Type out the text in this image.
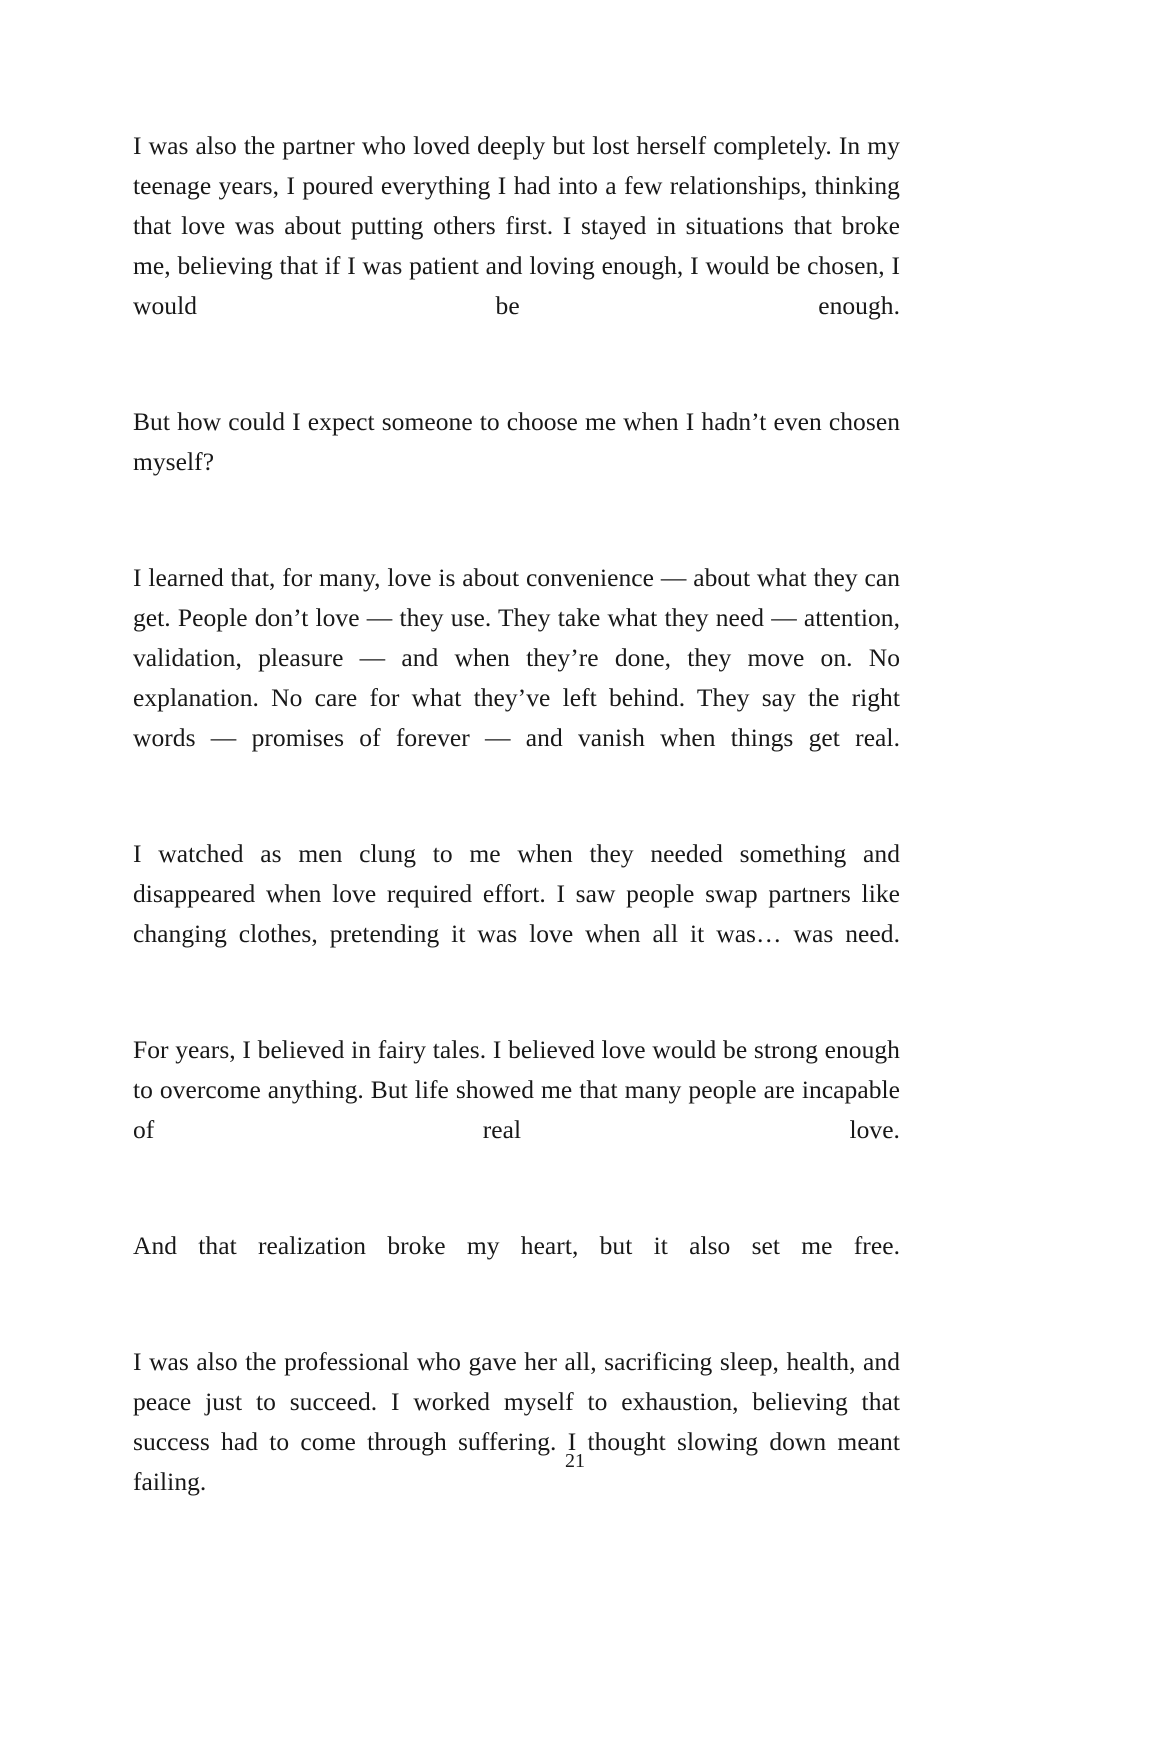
I was also the partner who loved deeply but lost herself completely. In my teenage years, I poured everything I had into a few relationships, thinking that love was about putting others first. I stayed in situations that broke me, believing that if I was patient and loving enough, I would be chosen, I would be enough.

But how could I expect someone to choose me when I hadn’t even chosen myself?

I learned that, for many, love is about convenience — about what they can get. People don’t love — they use. They take what they need — attention, validation, pleasure — and when they’re done, they move on. No explanation. No care for what they’ve left behind. They say the right words — promises of forever — and vanish when things get real.

I watched as men clung to me when they needed something and disappeared when love required effort. I saw people swap partners like changing clothes, pretending it was love when all it was… was need.

For years, I believed in fairy tales. I believed love would be strong enough to overcome anything. But life showed me that many people are incapable of real love.

And that realization broke my heart, but it also set me free.

I was also the professional who gave her all, sacrificing sleep, health, and peace just to succeed. I worked myself to exhaustion, believing that success had to come through suffering. I thought slowing down meant failing.

21
